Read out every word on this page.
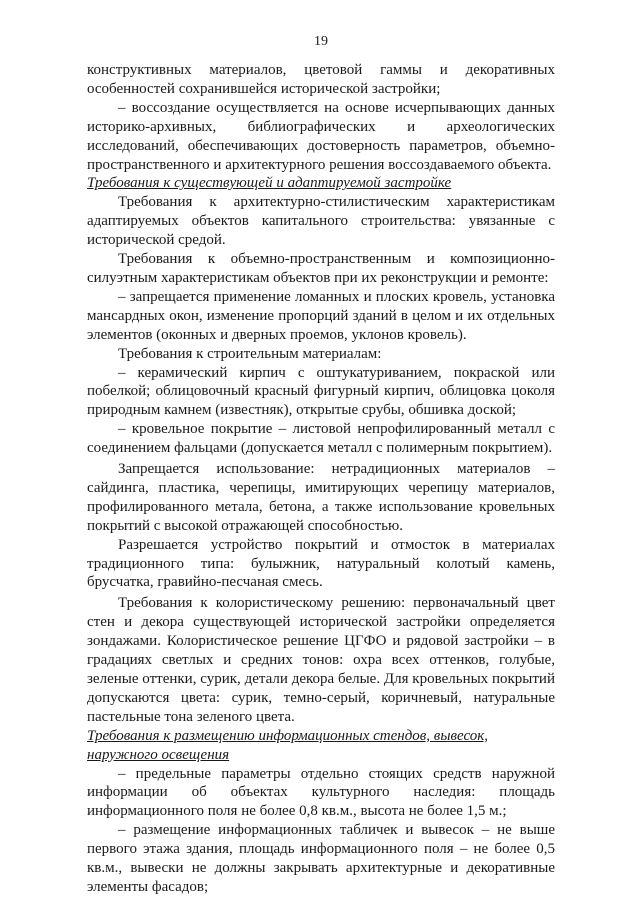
19

конструктивных материалов, цветовой гаммы и декоративных особенностей сохранившейся исторической застройки;

– воссоздание осуществляется на основе исчерпывающих данных историко-архивных, библиографических и археологических исследований, обеспечивающих достоверность параметров, объемно-пространственного и архитектурного решения воссоздаваемого объекта.

Требования к существующей и адаптируемой застройке

Требования к архитектурно-стилистическим характеристикам адаптируемых объектов капитального строительства: увязанные с исторической средой.

Требования к объемно-пространственным и композиционно-силуэтным характеристикам объектов при их реконструкции и ремонте:

– запрещается применение ломанных и плоских кровель, установка мансардных окон, изменение пропорций зданий в целом и их отдельных элементов (оконных и дверных проемов, уклонов кровель).

Требования к строительным материалам:

– керамический кирпич с оштукатуриванием, покраской или побелкой; облицовочный красный фигурный кирпич, облицовка цоколя природным камнем (известняк), открытые срубы, обшивка доской;

– кровельное покрытие – листовой непрофилированный металл с соединением фальцами (допускается металл с полимерным покрытием).

Запрещается использование: нетрадиционных материалов – сайдинга, пластика, черепицы, имитирующих черепицу материалов, профилированного метала, бетона, а также использование кровельных покрытий с высокой отражающей способностью.

Разрешается устройство покрытий и отмосток в материалах традиционного типа: булыжник, натуральный колотый камень, брусчатка, гравийно-песчаная смесь.

Требования к колористическому решению: первоначальный цвет стен и декора существующей исторической застройки определяется зондажами. Колористическое решение ЦГФО и рядовой застройки – в градациях светлых и средних тонов: охра всех оттенков, голубые, зеленые оттенки, сурик, детали декора белые. Для кровельных покрытий допускаются цвета: сурик, темно-серый, коричневый, натуральные пастельные тона зеленого цвета.

Требования к размещению информационных стендов, вывесок,
наружного освещения

– предельные параметры отдельно стоящих средств наружной информации об объектах культурного наследия: площадь информационного поля не более 0,8 кв.м., высота не более 1,5 м.;

– размещение информационных табличек и вывесок – не выше первого этажа здания, площадь информационного поля – не более 0,5 кв.м., вывески не должны закрывать архитектурные и декоративные элементы фасадов;
